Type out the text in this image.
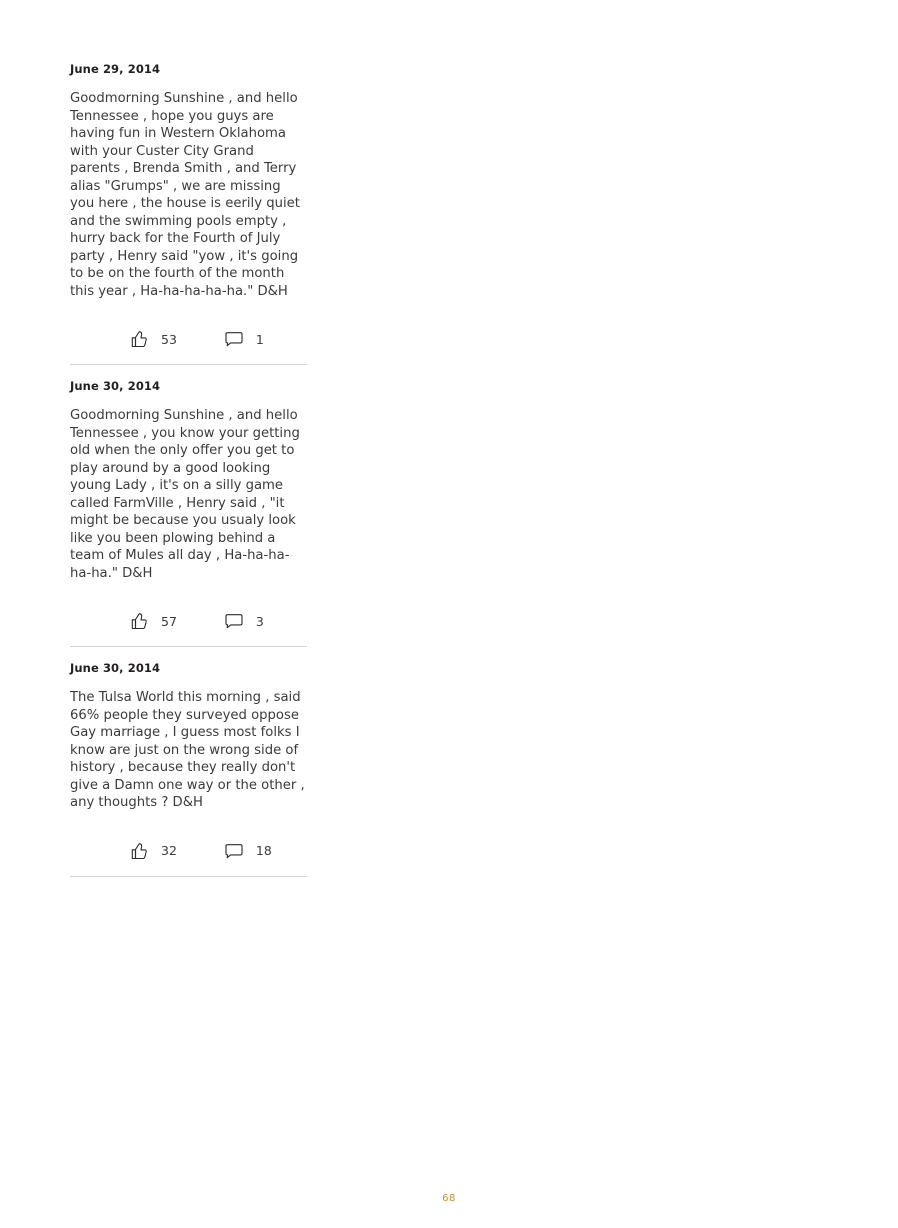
June 29, 2014

Goodmorning Sunshine , and hello Tennessee , hope you guys are having fun in Western Oklahoma with your Custer City Grand parents , Brenda Smith , and Terry alias "Grumps" , we are missing you here , the house is eerily quiet and the swimming pools empty , hurry back for the Fourth of July party , Henry said "yow , it's going to be on the fourth of the month this year , Ha-ha-ha-ha-ha." D&H

53	1
June 30, 2014

Goodmorning Sunshine , and hello Tennessee , you know your getting old when the only offer you get to play around by a good looking young Lady , it's on a silly game called FarmVille , Henry said , "it might be because you usualy look like you been plowing behind a team of Mules all day , Ha-ha-ha-ha-ha." D&H

57	3
June 30, 2014

The Tulsa World this morning , said 66% people they surveyed oppose Gay marriage , I guess most folks I know are just on the wrong side of history , because they really don't give a Damn one way or the other , any thoughts ? D&H

32	18
68
